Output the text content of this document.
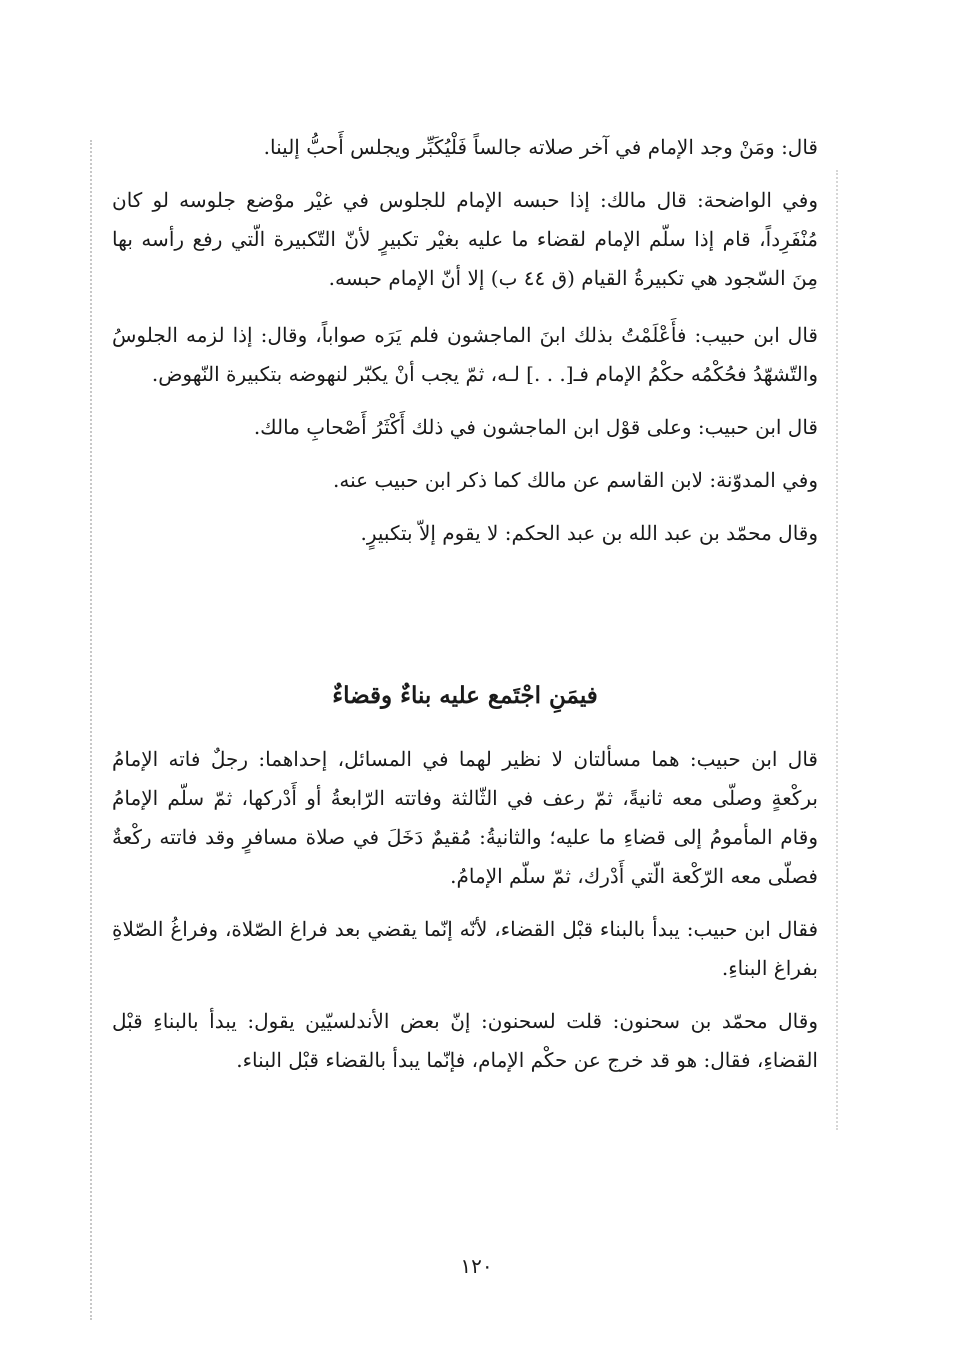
قال: ومَنْ وجد الإمام في آخر صلاته جالساً فَلْيُكَبِّر ويجلس أَحبُّ إلينا.

وفي الواضحة: قال مالك: إذا حبسه الإمام للجلوس في غيْر موْضع جلوسه لو كان مُنْفَرِداً، قام إذا سلّم الإمام لقضاء ما عليه بغيْر تكبيرٍ لأنّ التّكبيرة الّتي رفع رأسه بها مِنَ السّجود هي تكبيرةُ القيام (ق ٤٤ ب) إلا أنّ الإمام حبسه.

قال ابن حبيب: فأَعْلَمْتُ بذلك ابنَ الماجشون فلم يَرَه صواباً، وقال: إذا لزمه الجلوسُ والتّشهّدُ فحُكْمُه حكْمُ الإمام فـ[. . .] لـه، ثمّ يجب أنْ يكبّر لنهوضه بتكبيرة النّهوض.

قال ابن حبيب: وعلى قوْل ابن الماجشون في ذلك أَكْثَرُ أَصْحابِ مالك.

وفي المدوّنة: لابن القاسم عن مالك كما ذكر ابن حبيب عنه.

وقال محمّد بن عبد الله بن عبد الحكم: لا يقوم إلاّ بتكبيرٍ.

فيمَنِ اجْتَمع عليه بناءٌ وقضاءٌ

قال ابن حبيب: هما مسألتان لا نظير لهما في المسائل، إحداهما: رجلٌ فاته الإمامُ بركْعةٍ وصلّى معه ثانيةً، ثمّ رعف في الثّالثة وفاتته الرّابعةُ أو أَدْركها، ثمّ سلّم الإمامُ وقام المأمومُ إلى قضاءِ ما عليه؛ والثانيةُ: مُقيمٌ دَخَلَ في صلاة مسافرٍ وقد فاتته ركْعةٌ فصلّى معه الرّكْعة الّتي أَدْرك، ثمّ سلّم الإمامُ.

فقال ابن حبيب: يبدأ بالبناء قبْل القضاء، لأنّه إنّما يقضي بعد فراغ الصّلاة، وفراغُ الصّلاةِ بفراغ البناءِ.

وقال محمّد بن سحنون: قلت لسحنون: إنّ بعض الأندلسيّين يقول: يبدأ بالبناءِ قبْل القضاءِ، فقال: هو قد خرج عن حكْم الإمام، فإنّما يبدأ بالقضاء قبْل البناء.

١٢٠
